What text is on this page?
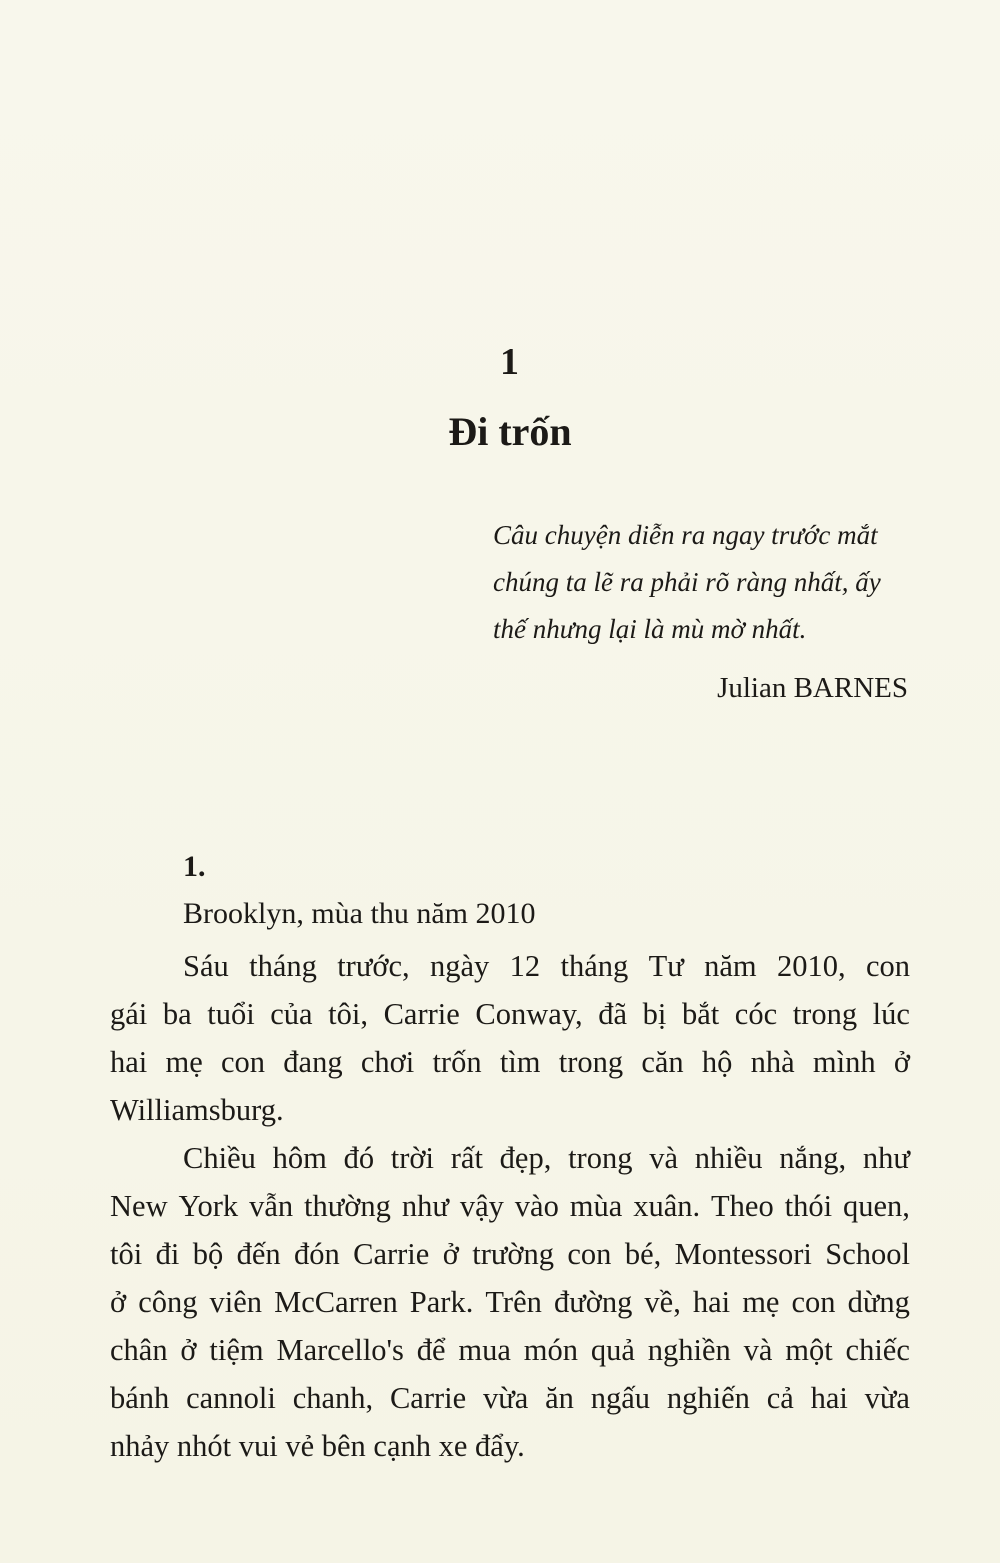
1
Đi trốn
Câu chuyện diễn ra ngay trước mắt
chúng ta lẽ ra phải rõ ràng nhất, ấy
thế nhưng lại là mù mờ nhất.
Julian BARNES
1.
Brooklyn, mùa thu năm 2010
Sáu tháng trước, ngày 12 tháng Tư năm 2010, con
gái ba tuổi của tôi, Carrie Conway, đã bị bắt cóc trong lúc
hai mẹ con đang chơi trốn tìm trong căn hộ nhà mình ở
Williamsburg.
Chiều hôm đó trời rất đẹp, trong và nhiều nắng, như
New York vẫn thường như vậy vào mùa xuân. Theo thói quen,
tôi đi bộ đến đón Carrie ở trường con bé, Montessori School
ở công viên McCarren Park. Trên đường về, hai mẹ con dừng
chân ở tiệm Marcello's để mua món quả nghiền và một chiếc
bánh cannoli chanh, Carrie vừa ăn ngấu nghiến cả hai vừa
nhảy nhót vui vẻ bên cạnh xe đẩy.
